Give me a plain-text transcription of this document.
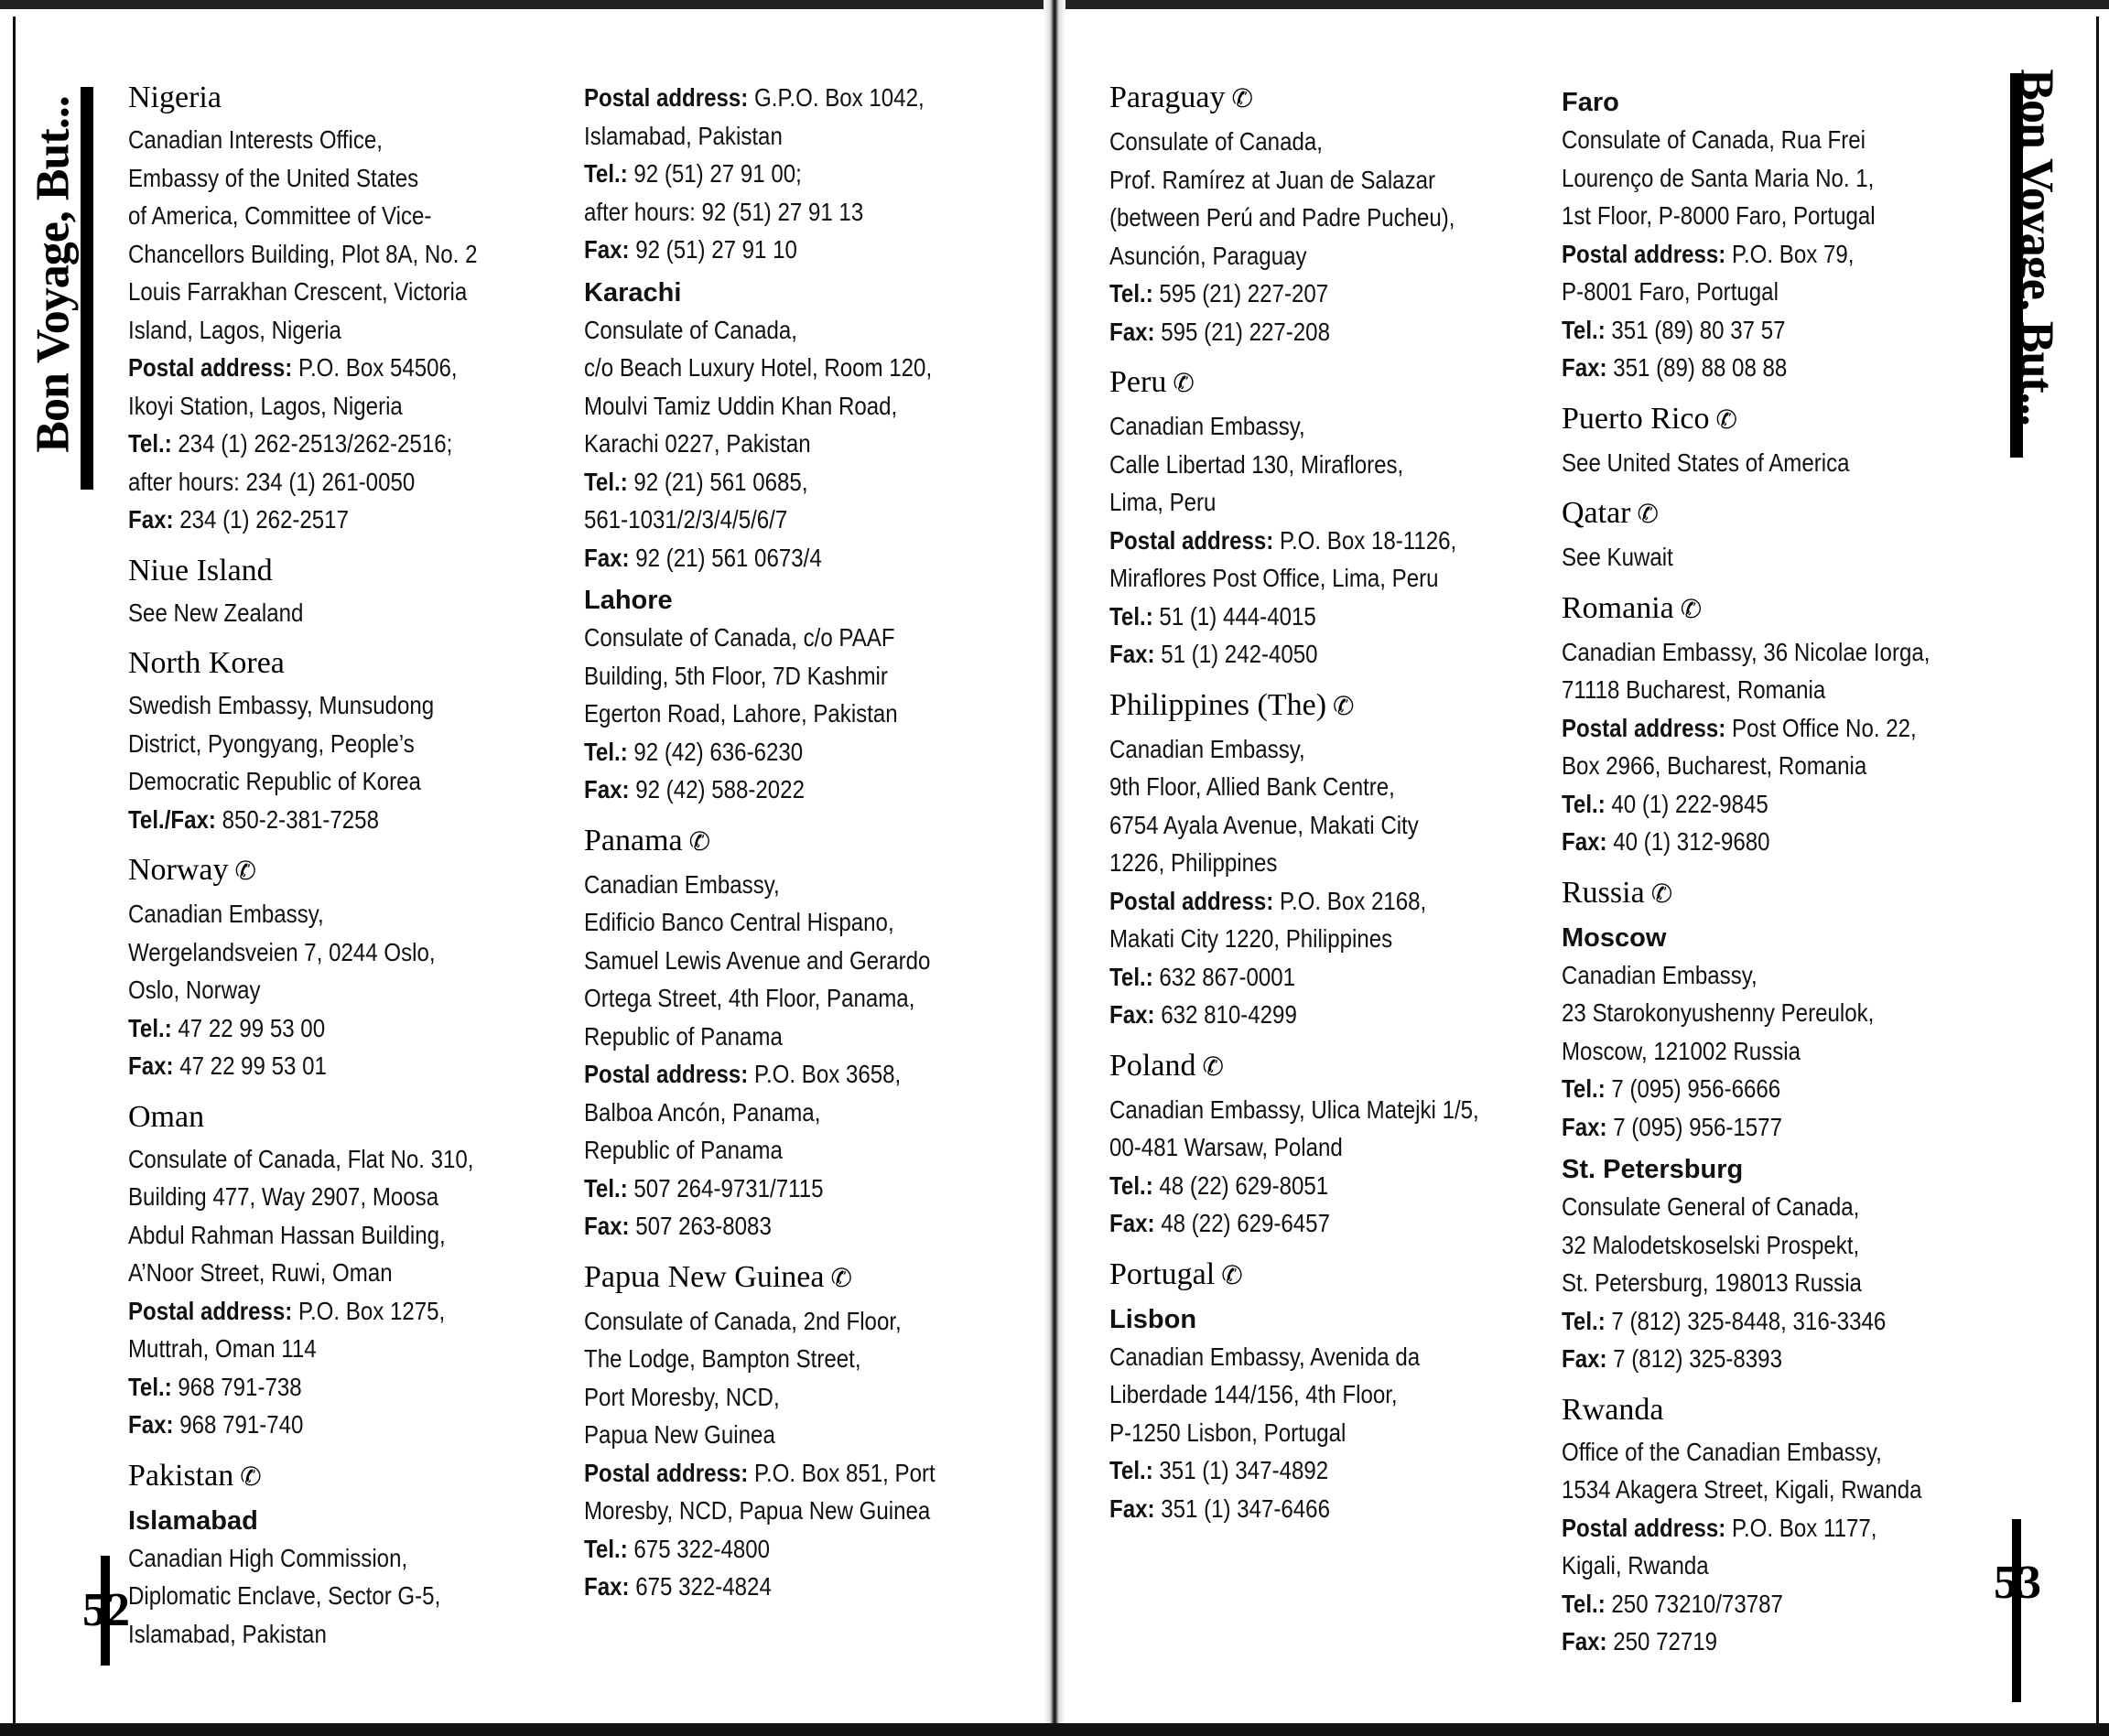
Bon Voyage, But...	Bon Voyage, But...
52
53
Nigeria
Canadian Interests Office,
Embassy of the United States
of America, Committee of Vice-
Chancellors Building, Plot 8A, No. 2
Louis Farrakhan Crescent, Victoria
Island, Lagos, Nigeria
Postal address: P.O. Box 54506,
Ikoyi Station, Lagos, Nigeria
Tel.: 234 (1) 262-2513/262-2516;
after hours: 234 (1) 261-0050
Fax: 234 (1) 262-2517
Niue Island
See New Zealand
North Korea
Swedish Embassy, Munsudong
District, Pyongyang, People’s
Democratic Republic of Korea
Tel./Fax: 850-2-381-7258
Norway ✆
Canadian Embassy,
Wergelandsveien 7, 0244 Oslo,
Oslo, Norway
Tel.: 47 22 99 53 00
Fax: 47 22 99 53 01
Oman
Consulate of Canada, Flat No. 310,
Building 477, Way 2907, Moosa
Abdul Rahman Hassan Building,
A’Noor Street, Ruwi, Oman
Postal address: P.O. Box 1275,
Muttrah, Oman 114
Tel.: 968 791-738
Fax: 968 791-740
Pakistan ✆
Islamabad
Canadian High Commission,
Diplomatic Enclave, Sector G-5,
Islamabad, Pakistan
Postal address: G.P.O. Box 1042,
Islamabad, Pakistan
Tel.: 92 (51) 27 91 00;
after hours: 92 (51) 27 91 13
Fax: 92 (51) 27 91 10
Karachi
Consulate of Canada,
c/o Beach Luxury Hotel, Room 120,
Moulvi Tamiz Uddin Khan Road,
Karachi 0227, Pakistan
Tel.: 92 (21) 561 0685,
561-1031/2/3/4/5/6/7
Fax: 92 (21) 561 0673/4
Lahore
Consulate of Canada, c/o PAAF
Building, 5th Floor, 7D Kashmir
Egerton Road, Lahore, Pakistan
Tel.: 92 (42) 636-6230
Fax: 92 (42) 588-2022
Panama ✆
Canadian Embassy,
Edificio Banco Central Hispano,
Samuel Lewis Avenue and Gerardo
Ortega Street, 4th Floor, Panama,
Republic of Panama
Postal address: P.O. Box 3658,
Balboa Ancón, Panama,
Republic of Panama
Tel.: 507 264-9731/7115
Fax: 507 263-8083
Papua New Guinea ✆
Consulate of Canada, 2nd Floor,
The Lodge, Bampton Street,
Port Moresby, NCD,
Papua New Guinea
Postal address: P.O. Box 851, Port
Moresby, NCD, Papua New Guinea
Tel.: 675 322-4800
Fax: 675 322-4824
Paraguay ✆
Consulate of Canada,
Prof. Ramírez at Juan de Salazar
(between Perú and Padre Pucheu),
Asunción, Paraguay
Tel.: 595 (21) 227-207
Fax: 595 (21) 227-208
Peru ✆
Canadian Embassy,
Calle Libertad 130, Miraflores,
Lima, Peru
Postal address: P.O. Box 18-1126,
Miraflores Post Office, Lima, Peru
Tel.: 51 (1) 444-4015
Fax: 51 (1) 242-4050
Philippines (The) ✆
Canadian Embassy,
9th Floor, Allied Bank Centre,
6754 Ayala Avenue, Makati City
1226, Philippines
Postal address: P.O. Box 2168,
Makati City 1220, Philippines
Tel.: 632 867-0001
Fax: 632 810-4299
Poland ✆
Canadian Embassy, Ulica Matejki 1/5,
00-481 Warsaw, Poland
Tel.: 48 (22) 629-8051
Fax: 48 (22) 629-6457
Portugal ✆
Lisbon
Canadian Embassy, Avenida da
Liberdade 144/156, 4th Floor,
P-1250 Lisbon, Portugal
Tel.: 351 (1) 347-4892
Fax: 351 (1) 347-6466
Faro
Consulate of Canada, Rua Frei
Lourenço de Santa Maria No. 1,
1st Floor, P-8000 Faro, Portugal
Postal address: P.O. Box 79,
P-8001 Faro, Portugal
Tel.: 351 (89) 80 37 57
Fax: 351 (89) 88 08 88
Puerto Rico ✆
See United States of America
Qatar ✆
See Kuwait
Romania ✆
Canadian Embassy, 36 Nicolae Iorga,
71118 Bucharest, Romania
Postal address: Post Office No. 22,
Box 2966, Bucharest, Romania
Tel.: 40 (1) 222-9845
Fax: 40 (1) 312-9680
Russia ✆
Moscow
Canadian Embassy,
23 Starokonyushenny Pereulok,
Moscow, 121002 Russia
Tel.: 7 (095) 956-6666
Fax: 7 (095) 956-1577
St. Petersburg
Consulate General of Canada,
32 Malodetskoselski Prospekt,
St. Petersburg, 198013 Russia
Tel.: 7 (812) 325-8448, 316-3346
Fax: 7 (812) 325-8393
Rwanda
Office of the Canadian Embassy,
1534 Akagera Street, Kigali, Rwanda
Postal address: P.O. Box 1177,
Kigali, Rwanda
Tel.: 250 73210/73787
Fax: 250 72719
